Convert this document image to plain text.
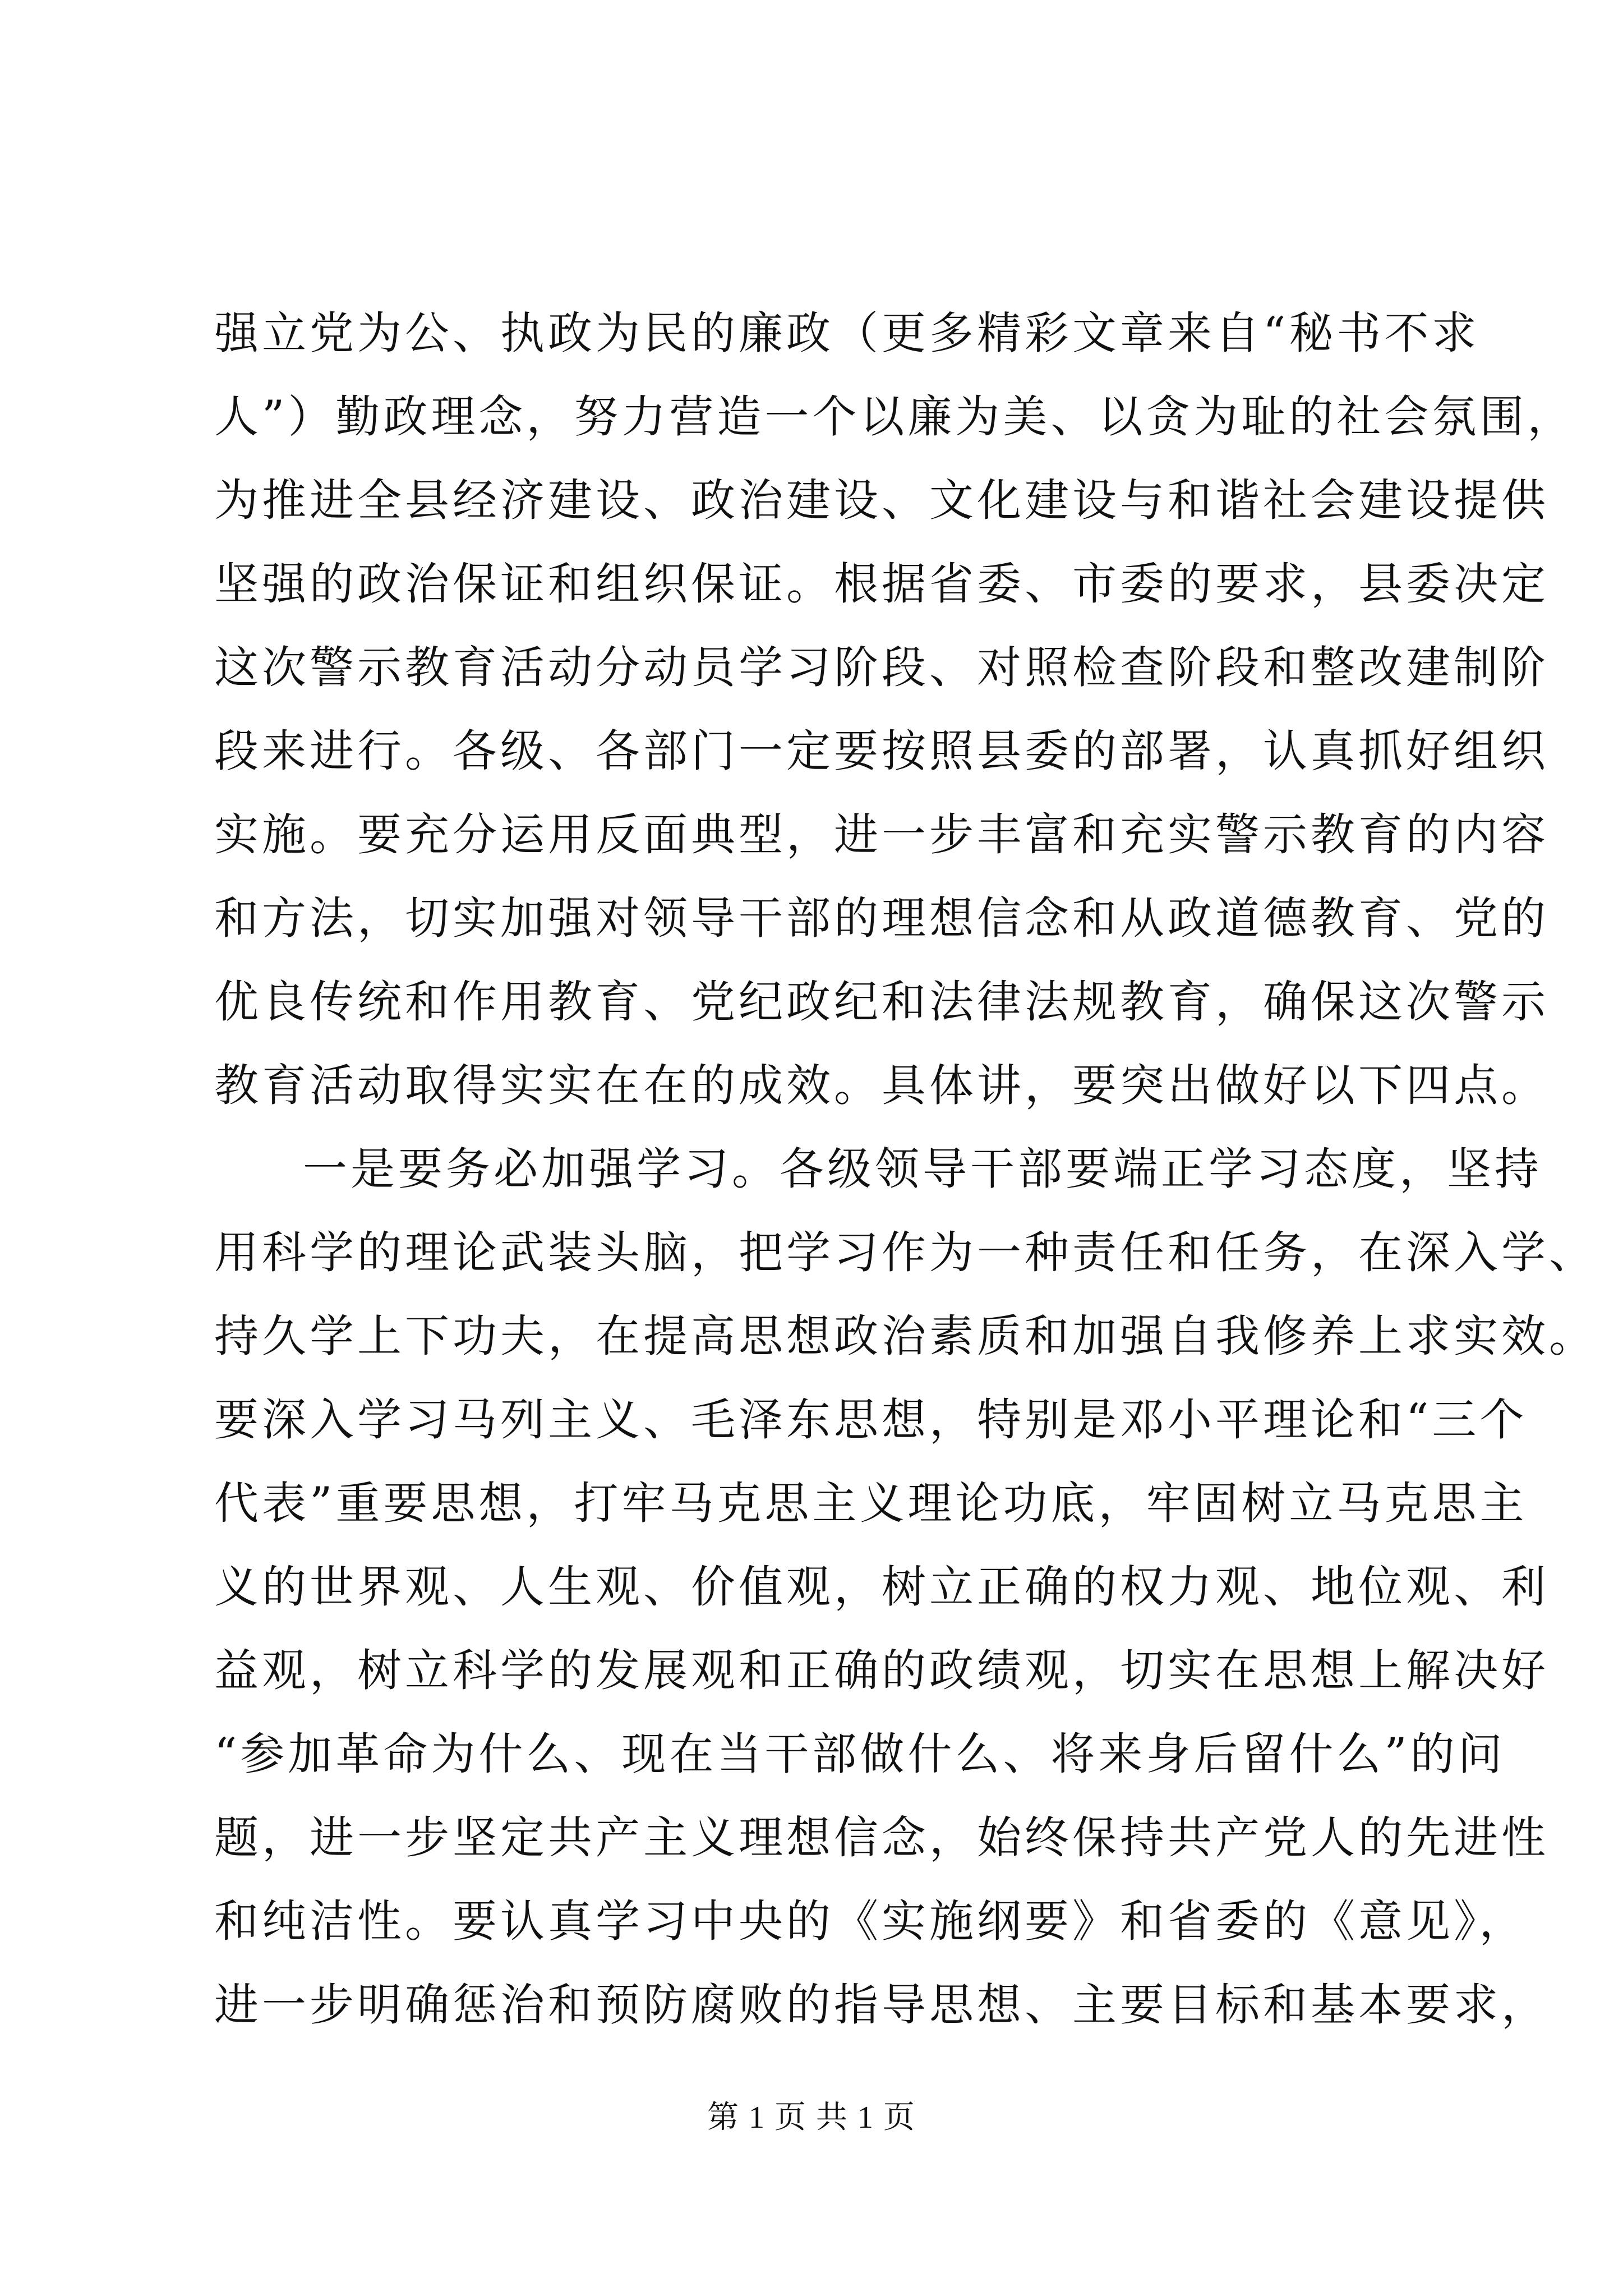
强立党为公、执政为民的廉政（更多精彩文章来自“秘书不求
人”）勤政理念，努力营造一个以廉为美、以贪为耻的社会氛围，
为推进全县经济建设、政治建设、文化建设与和谐社会建设提供
坚强的政治保证和组织保证。根据省委、市委的要求，县委决定
这次警示教育活动分动员学习阶段、对照检查阶段和整改建制阶
段来进行。各级、各部门一定要按照县委的部署，认真抓好组织
实施。要充分运用反面典型，进一步丰富和充实警示教育的内容
和方法，切实加强对领导干部的理想信念和从政道德教育、党的
优良传统和作用教育、党纪政纪和法律法规教育，确保这次警示
教育活动取得实实在在的成效。具体讲，要突出做好以下四点。
一是要务必加强学习。各级领导干部要端正学习态度，坚持
用科学的理论武装头脑，把学习作为一种责任和任务，在深入学、
持久学上下功夫，在提高思想政治素质和加强自我修养上求实效。
要深入学习马列主义、毛泽东思想，特别是邓小平理论和“三个
代表”重要思想，打牢马克思主义理论功底，牢固树立马克思主
义的世界观、人生观、价值观，树立正确的权力观、地位观、利
益观，树立科学的发展观和正确的政绩观，切实在思想上解决好
“参加革命为什么、现在当干部做什么、将来身后留什么”的问
题，进一步坚定共产主义理想信念，始终保持共产党人的先进性
和纯洁性。要认真学习中央的《实施纲要》和省委的《意见》，
进一步明确惩治和预防腐败的指导思想、主要目标和基本要求，
第 1 页 共 1 页
